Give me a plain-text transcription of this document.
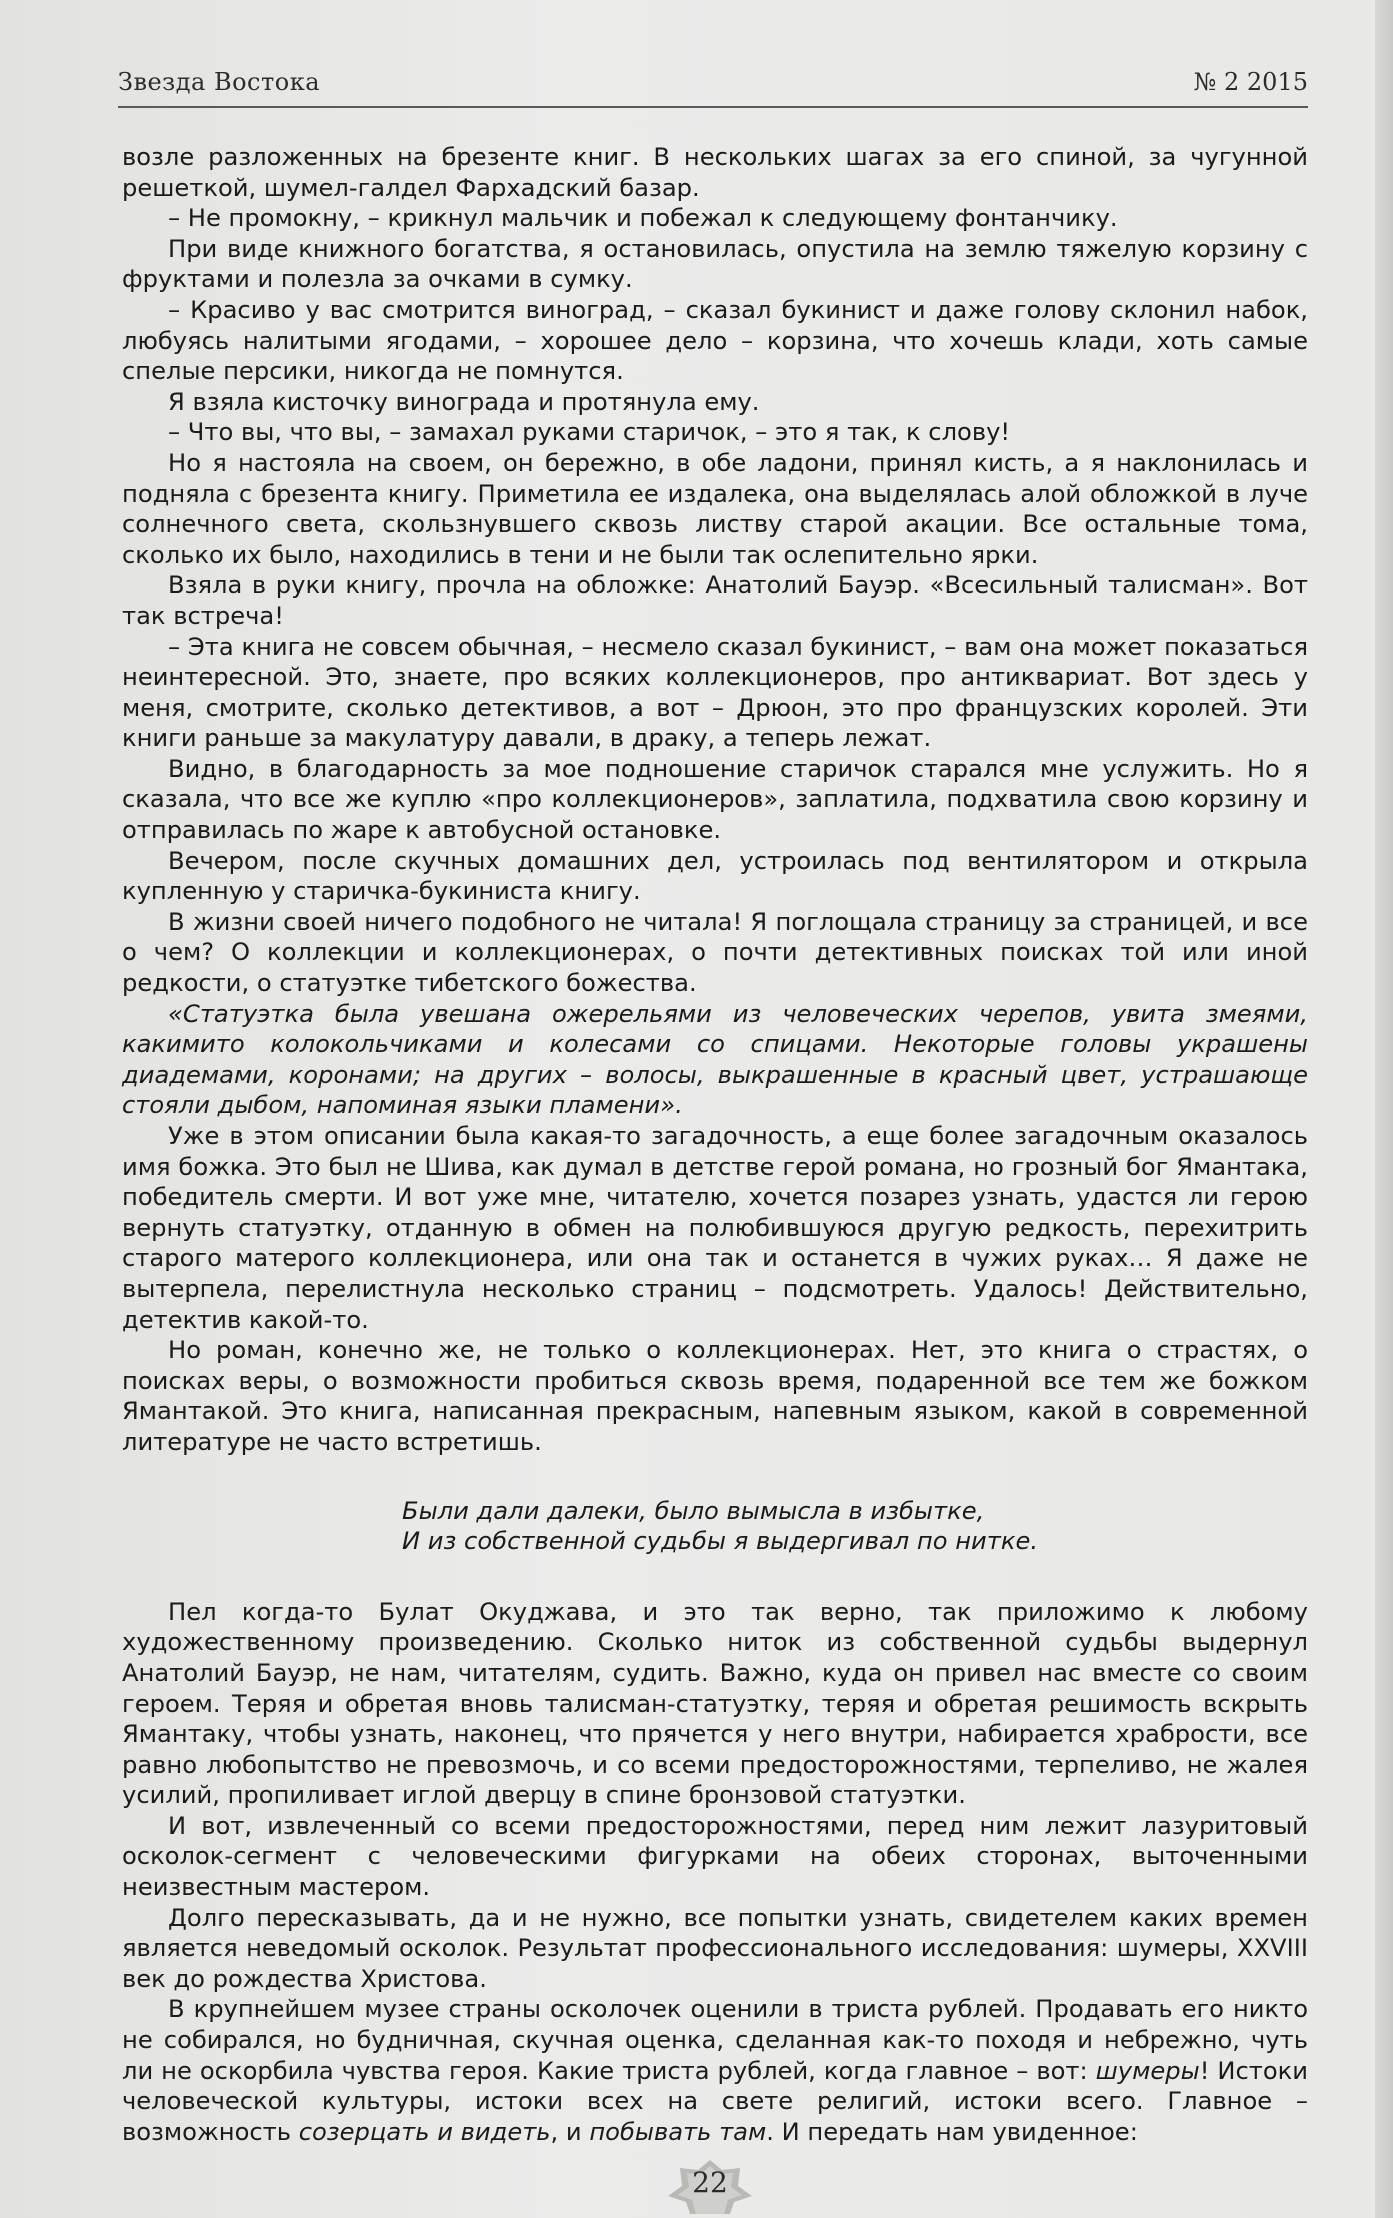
Звезда Востока	№ 2 2015

возле разложенных на брезенте книг. В нескольких шагах за его спиной, за чугунной решеткой, шумел-галдел Фархадский базар.

– Не промокну, – крикнул мальчик и побежал к следующему фонтанчику.

При виде книжного богатства, я остановилась, опустила на землю тяжелую корзину с фруктами и полезла за очками в сумку.

– Красиво у вас смотрится виноград, – сказал букинист и даже голову склонил набок, любуясь налитыми ягодами, – хорошее дело – корзина, что хочешь клади, хоть самые спелые персики, никогда не помнутся.

Я взяла кисточку винограда и протянула ему.

– Что вы, что вы, – замахал руками старичок, – это я так, к слову!

Но я настояла на своем, он бережно, в обе ладони, принял кисть, а я наклонилась и подняла с брезента книгу. Приметила ее издалека, она выделялась алой обложкой в луче солнечного света, скользнувшего сквозь листву старой акации. Все остальные тома, сколько их было, находились в тени и не были так ослепительно ярки.

Взяла в руки книгу, прочла на обложке: Анатолий Бауэр. «Всесильный талисман». Вот так встреча!

– Эта книга не совсем обычная, – несмело сказал букинист, – вам она может показаться неинтересной. Это, знаете, про всяких коллекционеров, про антиквариат. Вот здесь у меня, смотрите, сколько детективов, а вот – Дрюон, это про французских королей. Эти книги раньше за макулатуру давали, в драку, а теперь лежат.

Видно, в благодарность за мое подношение старичок старался мне услужить. Но я сказала, что все же куплю «про коллекционеров», заплатила, подхватила свою корзину и отправилась по жаре к автобусной остановке.

Вечером, после скучных домашних дел, устроилась под вентилятором и открыла купленную у старичка-букиниста книгу.

В жизни своей ничего подобного не читала! Я поглощала страницу за страницей, и все о чем? О коллекции и коллекционерах, о почти детективных поисках той или иной редкости, о статуэтке тибетского божества.

«Статуэтка была увешана ожерельями из человеческих черепов, увита змеями, какимито колокольчиками и колесами со спицами. Некоторые головы украшены диадемами, коронами; на других – волосы, выкрашенные в красный цвет, устрашающе стояли дыбом, напоминая языки пламени».

Уже в этом описании была какая-то загадочность, а еще более загадочным оказалось имя божка. Это был не Шива, как думал в детстве герой романа, но грозный бог Ямантака, победитель смерти. И вот уже мне, читателю, хочется позарез узнать, удастся ли герою вернуть статуэтку, отданную в обмен на полюбившуюся другую редкость, перехитрить старого матерого коллекционера, или она так и останется в чужих руках… Я даже не вытерпела, перелистнула несколько страниц – подсмотреть. Удалось! Действительно, детектив какой-то.

Но роман, конечно же, не только о коллекционерах. Нет, это книга о страстях, о поисках веры, о возможности пробиться сквозь время, подаренной все тем же божком Ямантакой. Это книга, написанная прекрасным, напевным языком, какой в современной литературе не часто встретишь.

Были дали далеки, было вымысла в избытке,
И из собственной судьбы я выдергивал по нитке.

Пел когда-то Булат Окуджава, и это так верно, так приложимо к любому художественному произведению. Сколько ниток из собственной судьбы выдернул Анатолий Бауэр, не нам, читателям, судить. Важно, куда он привел нас вместе со своим героем. Теряя и обретая вновь талисман-статуэтку, теряя и обретая решимость вскрыть Ямантаку, чтобы узнать, наконец, что прячется у него внутри, набирается храбрости, все равно любопытство не превозмочь, и со всеми предосторожностями, терпеливо, не жалея усилий, пропиливает иглой дверцу в спине бронзовой статуэтки.

И вот, извлеченный со всеми предосторожностями, перед ним лежит лазуритовый осколок-сегмент с человеческими фигурками на обеих сторонах, выточенными неизвестным мастером.

Долго пересказывать, да и не нужно, все попытки узнать, свидетелем каких времен является неведомый осколок. Результат профессионального исследования: шумеры, XXVIII век до рождества Христова.

В крупнейшем музее страны осколочек оценили в триста рублей. Продавать его никто не собирался, но будничная, скучная оценка, сделанная как-то походя и небрежно, чуть ли не оскорбила чувства героя. Какие триста рублей, когда главное – вот: шумеры! Истоки человеческой культуры, истоки всех на свете религий, истоки всего. Главное – возможность созерцать и видеть, и побывать там. И передать нам увиденное:

22
